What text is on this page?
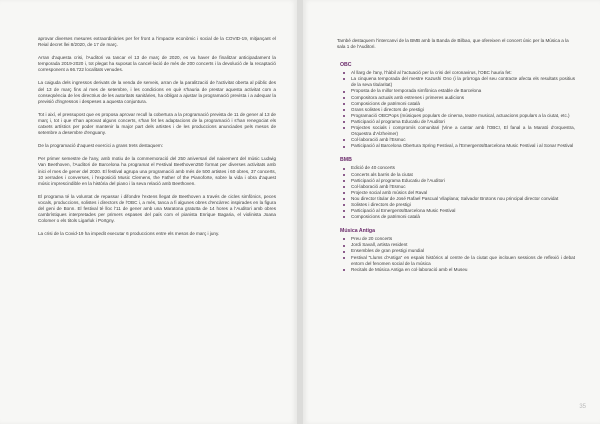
aprovar diverses mesures extraordinàries per fer front a l'impacte econòmic i social de la COVID-19, mitjançant el Reial decret llei 8/2020, de 17 de març.

Arran d'aquesta crisi, l'Auditori va tancar el 13 de març de 2020, es va haver de finalitzar anticipadament la temporada 2019-2020 i, tot plegat ha suposat la cancel·lació de més de 200 concerts i la devolució de la recaptació corresponent a 66.722 localitats venudes.

La caiguda dels ingressos derivats de la venda de serveis, arran de la paralització de l'activitat oberta al públic des del 13 de març fins al mes de setembre, i les condicions en què s'hauria de prestar aquesta activitat com a conseqüència de les directrius de les autoritats sanitàries, ha obligat a ajustar la programació prevista i a adequar la previsió d'ingressos i despeses a aquesta conjuntura.

Tot i així, el pressupost que es proposa aprovar recull la cobertura a la programació prevista de 11 de gener al 13 de març i, tot i que s'han aprovat alguns concerts, s'han fet les adaptacions de la programació i s'han renegociat els catxets artístics per poder mantenir la major part dels artistes i de les produccions anunciades pels mesos de setembre a desembre d'enguany.

De la programació d'aquest exercici a grans trets destaquem:

Per primer semestre de l'any, amb motiu de la commemoració del 250 aniversari del naixement del músic Ludwig Van Beethoven, l'Auditori de Barcelona ha programat el Festival Beethoven250 format per diverses activitats amb inici el mes de gener del 2020. El festival agrupa una programació amb més de 500 artistes i 60 obres, 37 concerts, 10 xerrades i converses, i l'exposició Music Clemens, the Father of the Pianoforte, sobre la vida i obra d'aquest músic imprescindible en la història del piano i la seva relació amb Beethoven.

El programa té la voluntat de repassar i difondre l'extens llegat de Beethoven a través de cicles simfònics, peces vocals, produccions, solistes i directors de l'OBC i, a més, tanca a fi algunes obres d'encàrrec inspirades en la figura del geni de Bonn. El festival té lloc l'11 de gener amb una Maratona gratuïta de 14 hores a l'Auditori amb obres cambrístiques interpretades per primers espases del país com el pianista Enrique Bagaria, el violinista Joana Colomer o els titols Ligarluk i Portgny.

La crisi de la Covid-19 ha impedit executar 6 produccions entre els mesos de març i juny.

També destaquem l'intercanvi de la BMB amb la Banda de Bilbao, que ofereixen el concert únic per la Música a la sala 1 de l'Auditori.

OBC
Al llarg de l'any, l'hàbil al l'actuació per la crisi del coronavirus, l'OBC hauria fet:
La cinquena temporada del mestre Kazushi Ono (i la pròrroga del seu contracte afecta els resultats positius de la seva titularitat)
Proposta de la millor temporada simfònica estable de Barcelona
Compositora actuals amb estrenes i primeres audicions
Composicions de patrimoni català
Grans solistes i directors de prestigi
Programació OBCPops (músiques populars de cinema, teatre musical, actuacions populars a la ciutat, etc.)
Participació al programa Educatiu de l'Auditori
Projectes socials i compromís comunitari (Vine a cantar amb l'OBC!, El fanal a la Marató d'orquestra, Orquestra d'Alzheimer)
Col·laboració amb l'Esmuc
Participació al Barcelona Obertura Spring Festival, a l'Emergents/Barcelona Music Festival i al Sonar Festival
BMB
Edició de 40 concerts
Concerts als barris de la ciutat
Participació al programa Educatiu de l'Auditori
Col·laboració amb l'Esmuc
Projecte social amb músics del Raval
Nou director titular de José Rafael Pascual Vilaplana; Salvador Brotons nou principal director convidat
Solistes i directors de prestigi
Participació al Emergents/Barcelona Music Festival
Composicions de patrimoni català
Música Antiga
Preu de 20 concerts
Jordi Savall, artista resident
Ensembles de gran prestigi mundial
Festival "Llums d'Antiga" en espais històrics al centre de la ciutat que inclouen sessions de reflexió i debat entorn del fenomen social de la música
Recitals de Música Antiga en col·laboració amb el Museu
35
